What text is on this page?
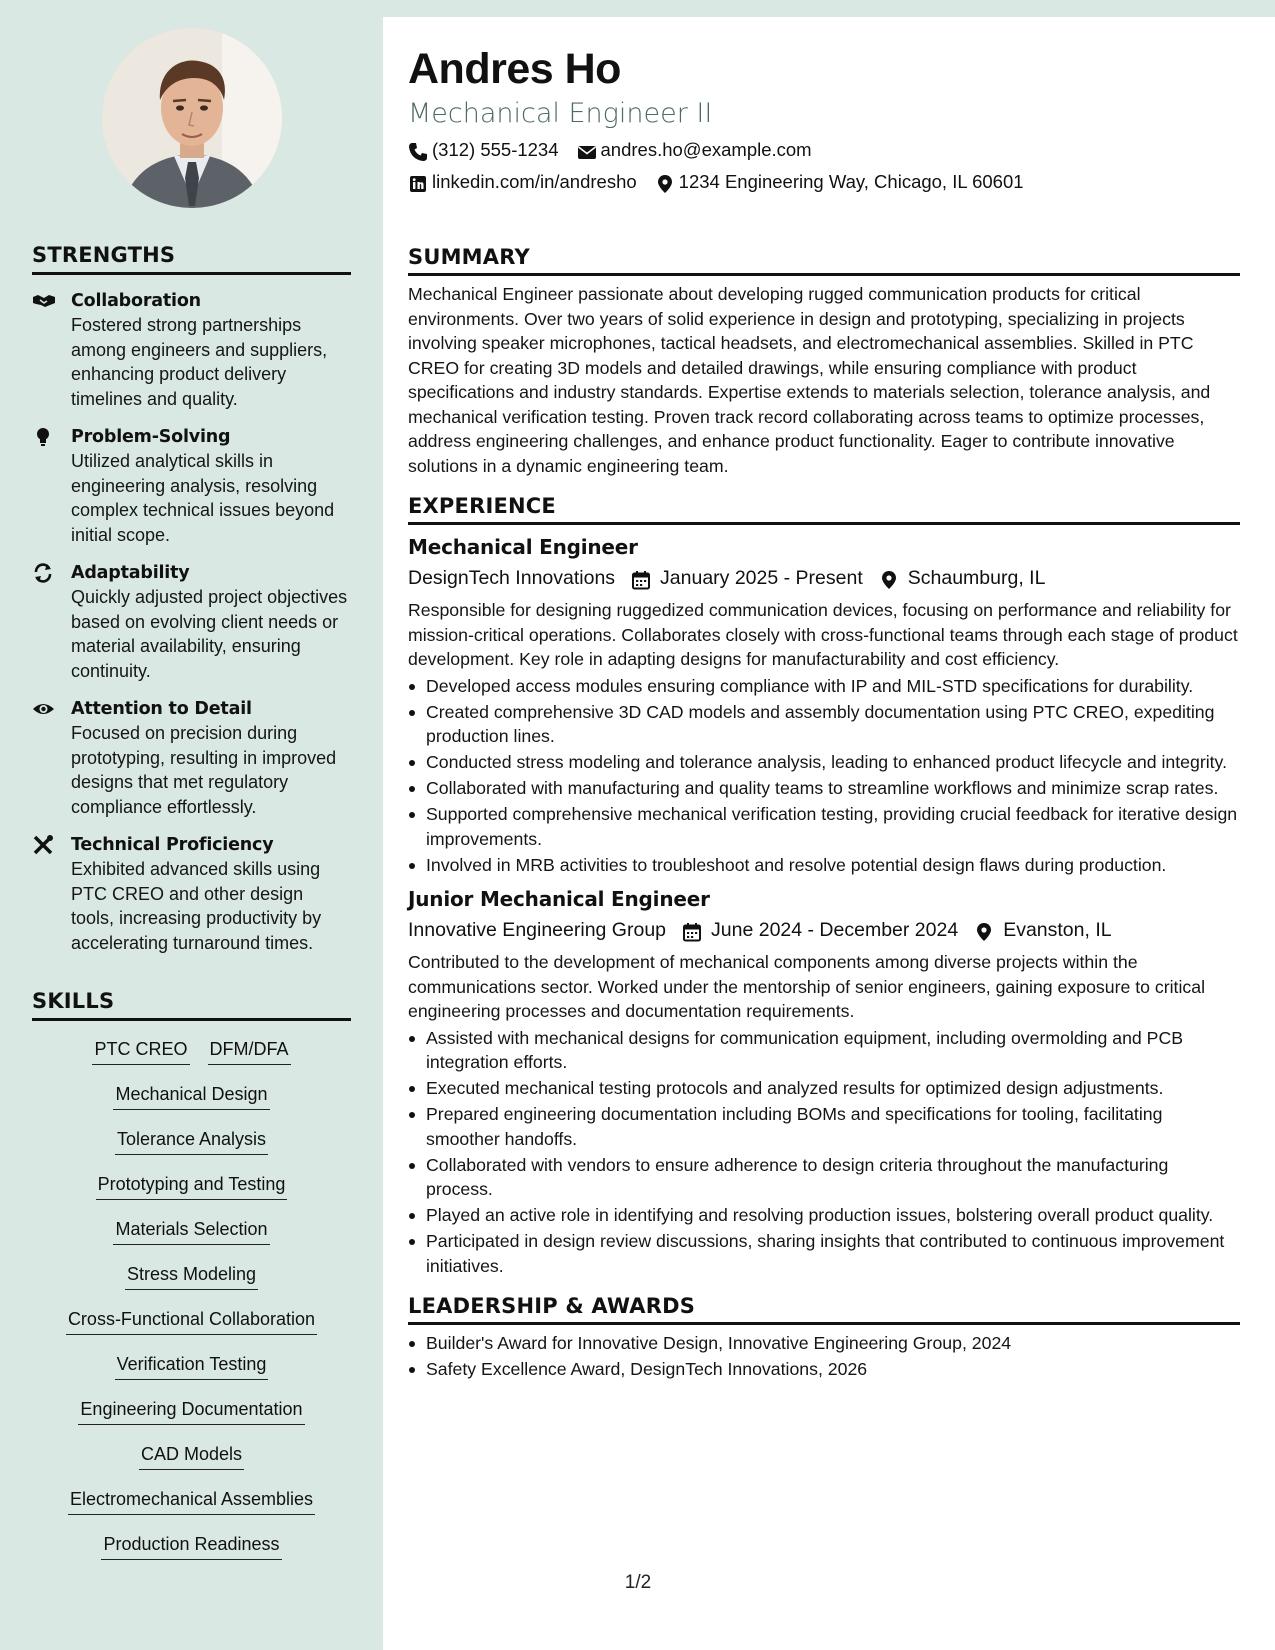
STRENGTHS
Collaboration
Fostered strong partnerships among engineers and suppliers, enhancing product delivery timelines and quality.
Problem-Solving
Utilized analytical skills in engineering analysis, resolving complex technical issues beyond initial scope.
Adaptability
Quickly adjusted project objectives based on evolving client needs or material availability, ensuring continuity.
Attention to Detail
Focused on precision during prototyping, resulting in improved designs that met regulatory compliance effortlessly.
Technical Proficiency
Exhibited advanced skills using PTC CREO and other design tools, increasing productivity by accelerating turnaround times.
SKILLS
PTC CREO DFM/DFA
Mechanical Design
Tolerance Analysis
Prototyping and Testing
Materials Selection
Stress Modeling
Cross-Functional Collaboration
Verification Testing
Engineering Documentation
CAD Models
Electromechanical Assemblies
Production Readiness
Andres Ho
Mechanical Engineer II
(312) 555-1234 andres.ho@example.com
linkedin.com/in/andresho 1234 Engineering Way, Chicago, IL 60601
SUMMARY
Mechanical Engineer passionate about developing rugged communication products for critical environments. Over two years of solid experience in design and prototyping, specializing in projects involving speaker microphones, tactical headsets, and electromechanical assemblies. Skilled in PTC CREO for creating 3D models and detailed drawings, while ensuring compliance with product specifications and industry standards. Expertise extends to materials selection, tolerance analysis, and mechanical verification testing. Proven track record collaborating across teams to optimize processes, address engineering challenges, and enhance product functionality. Eager to contribute innovative solutions in a dynamic engineering team.
EXPERIENCE
Mechanical Engineer
DesignTech Innovations January 2025 - Present Schaumburg, IL
Responsible for designing ruggedized communication devices, focusing on performance and reliability for mission-critical operations. Collaborates closely with cross-functional teams through each stage of product development. Key role in adapting designs for manufacturability and cost efficiency.
Developed access modules ensuring compliance with IP and MIL-STD specifications for durability.
Created comprehensive 3D CAD models and assembly documentation using PTC CREO, expediting production lines.
Conducted stress modeling and tolerance analysis, leading to enhanced product lifecycle and integrity.
Collaborated with manufacturing and quality teams to streamline workflows and minimize scrap rates.
Supported comprehensive mechanical verification testing, providing crucial feedback for iterative design improvements.
Involved in MRB activities to troubleshoot and resolve potential design flaws during production.
Junior Mechanical Engineer
Innovative Engineering Group June 2024 - December 2024 Evanston, IL
Contributed to the development of mechanical components among diverse projects within the communications sector. Worked under the mentorship of senior engineers, gaining exposure to critical engineering processes and documentation requirements.
Assisted with mechanical designs for communication equipment, including overmolding and PCB integration efforts.
Executed mechanical testing protocols and analyzed results for optimized design adjustments.
Prepared engineering documentation including BOMs and specifications for tooling, facilitating smoother handoffs.
Collaborated with vendors to ensure adherence to design criteria throughout the manufacturing process.
Played an active role in identifying and resolving production issues, bolstering overall product quality.
Participated in design review discussions, sharing insights that contributed to continuous improvement initiatives.
LEADERSHIP & AWARDS
Builder's Award for Innovative Design, Innovative Engineering Group, 2024
Safety Excellence Award, DesignTech Innovations, 2026
1/2
